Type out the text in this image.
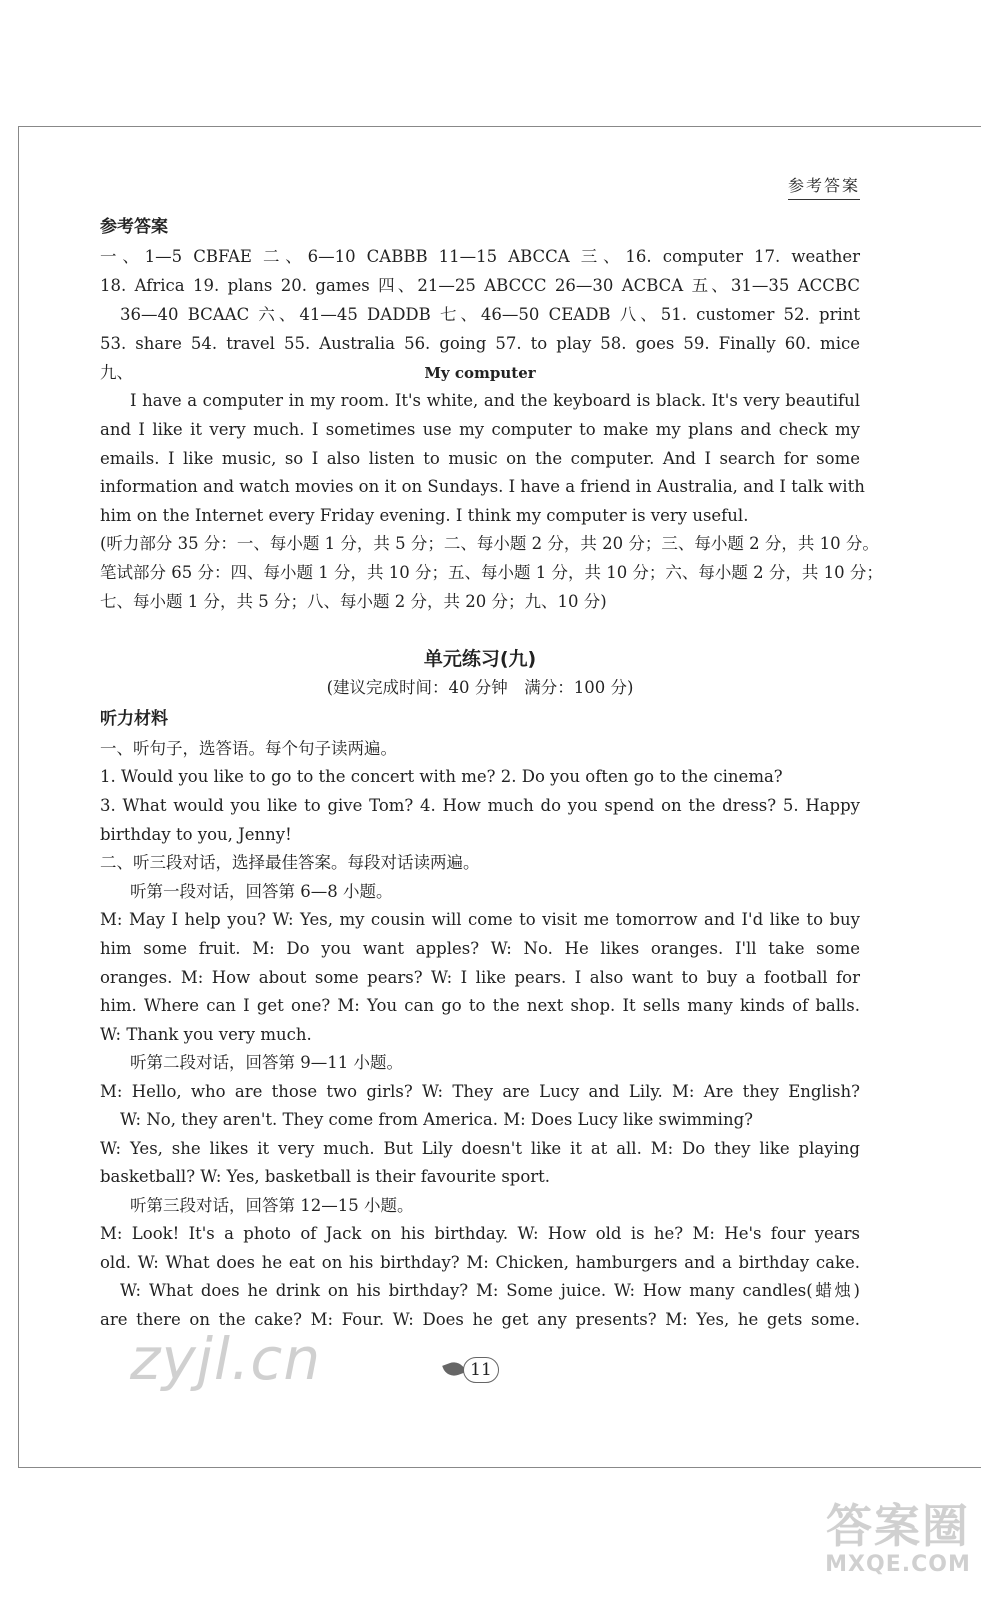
参考答案
参考答案
一、1—5 CBFAE 二、6—10 CABBB 11—15 ABCCA 三、16. computer 17. weather
18. Africa 19. plans 20. games 四、21—25 ABCCC 26—30 ACBCA 五、31—35 ACCBC
36—40 BCAAC 六、41—45 DADDB 七、46—50 CEADB 八、51. customer 52. print
53. share 54. travel 55. Australia 56. going 57. to play 58. goes 59. Finally 60. mice
九、	My computer
I have a computer in my room. It's white, and the keyboard is black. It's very beautiful
and I like it very much. I sometimes use my computer to make my plans and check my
emails. I like music, so I also listen to music on the computer. And I search for some
information and watch movies on it on Sundays. I have a friend in Australia, and I talk with
him on the Internet every Friday evening. I think my computer is very useful.
(听力部分 35 分：一、每小题 1 分，共 5 分；二、每小题 2 分，共 20 分；三、每小题 2 分，共 10 分。
笔试部分 65 分：四、每小题 1 分，共 10 分；五、每小题 1 分，共 10 分；六、每小题 2 分，共 10 分；
七、每小题 1 分，共 5 分；八、每小题 2 分，共 20 分；九、10 分)
单元练习(九)
(建议完成时间：40 分钟　满分：100 分)
听力材料
一、听句子，选答语。每个句子读两遍。
1. Would you like to go to the concert with me? 2. Do you often go to the cinema?
3. What would you like to give Tom? 4. How much do you spend on the dress? 5. Happy
birthday to you, Jenny!
二、听三段对话，选择最佳答案。每段对话读两遍。
听第一段对话，回答第 6—8 小题。
M: May I help you? W: Yes, my cousin will come to visit me tomorrow and I'd like to buy
him some fruit. M: Do you want apples? W: No. He likes oranges. I'll take some
oranges. M: How about some pears? W: I like pears. I also want to buy a football for
him. Where can I get one? M: You can go to the next shop. It sells many kinds of balls.
W: Thank you very much.
听第二段对话，回答第 9—11 小题。
M: Hello, who are those two girls? W: They are Lucy and Lily. M: Are they English?
W: No, they aren't. They come from America. M: Does Lucy like swimming?
W: Yes, she likes it very much. But Lily doesn't like it at all. M: Do they like playing
basketball? W: Yes, basketball is their favourite sport.
听第三段对话，回答第 12—15 小题。
M: Look! It's a photo of Jack on his birthday. W: How old is he? M: He's four years
old. W: What does he eat on his birthday? M: Chicken, hamburgers and a birthday cake.
W: What does he drink on his birthday? M: Some juice. W: How many candles(蜡烛)
are there on the cake? M: Four. W: Does he get any presents? M: Yes, he gets some.
zyjl.cn	11
答案圈
MXQE.COM
